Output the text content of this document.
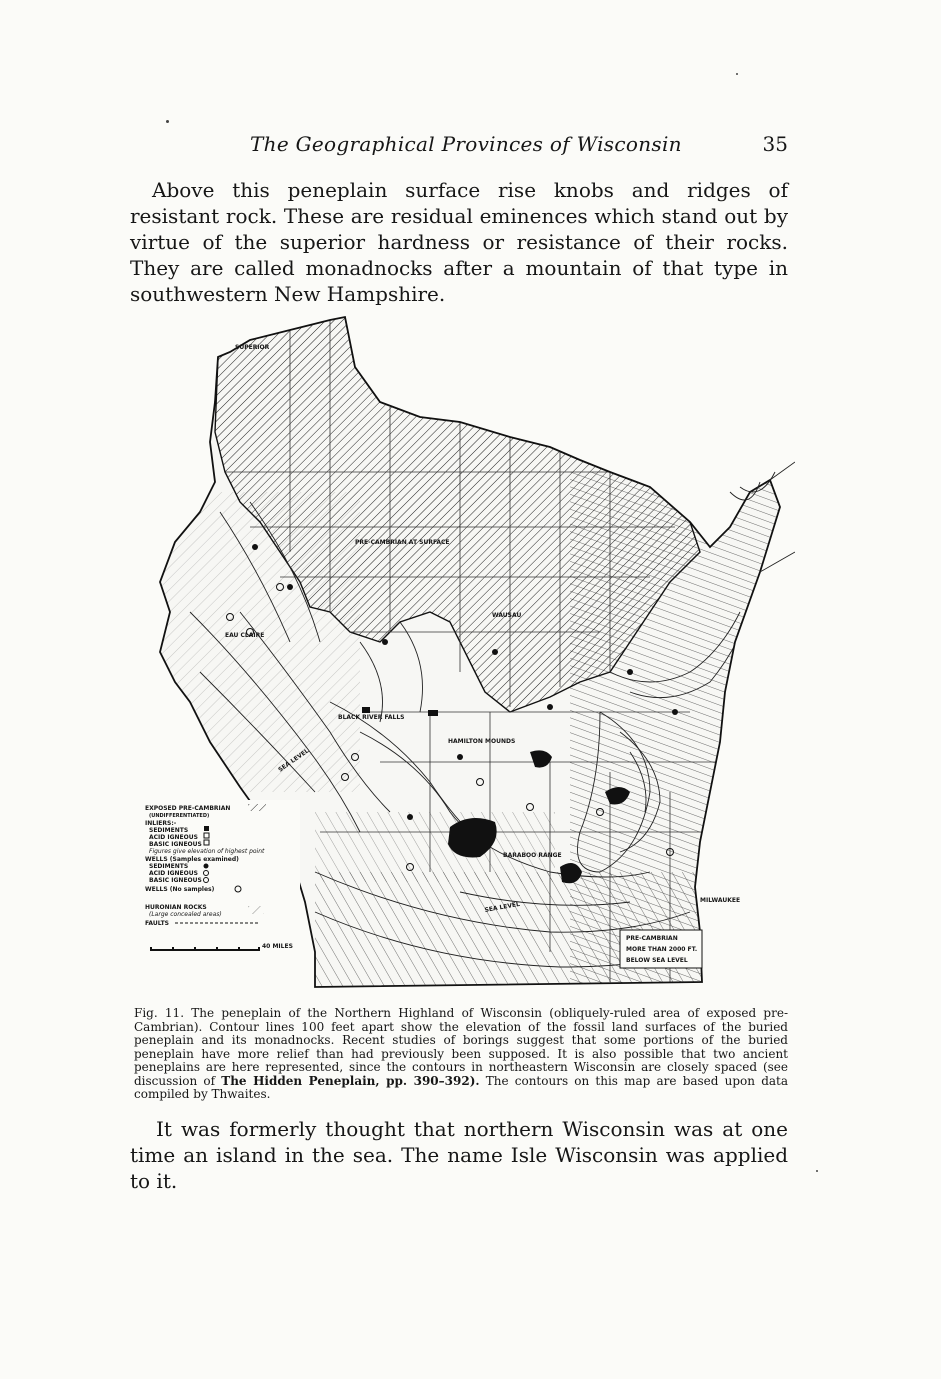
The Geographical Provinces of Wisconsin	35

Above this peneplain surface rise knobs and ridges of resistant rock. These are residual eminences which stand out by virtue of the superior hardness or resistance of their rocks. They are called monadnocks after a mountain of that type in southwestern New Hampshire.

SUPERIOR
PRE-CAMBRIAN AT SURFACE
EAU CLAIRE
WAUSAU
BLACK RIVER FALLS
HAMILTON MOUNDS
BARABOO RANGE
MILWAUKEE
SEA LEVEL
SEA LEVEL
EXPOSED PRE-CAMBRIAN
(UNDIFFERENTIATED)
INLIERS:-
SEDIMENTS
ACID IGNEOUS
BASIC IGNEOUS
Figures give elevation of highest point
WELLS (Samples examined)
SEDIMENTS
ACID IGNEOUS
BASIC IGNEOUS
WELLS (No samples)
HURONIAN ROCKS
(Large concealed areas)
FAULTS
40 MILES
PRE-CAMBRIAN
MORE THAN 2000 FT.
BELOW SEA LEVEL

Fig. 11. The peneplain of the Northern Highland of Wisconsin (obliquely-ruled area of exposed pre-Cambrian). Contour lines 100 feet apart show the elevation of the fossil land surfaces of the buried peneplain and its monadnocks. Recent studies of borings suggest that some portions of the buried peneplain have more relief than had previously been supposed. It is also possible that two ancient peneplains are here represented, since the contours in northeastern Wisconsin are closely spaced (see discussion of The Hidden Peneplain, pp. 390–392). The contours on this map are based upon data compiled by Thwaites.

It was formerly thought that northern Wisconsin was at one time an island in the sea. The name Isle Wisconsin was applied to it.
